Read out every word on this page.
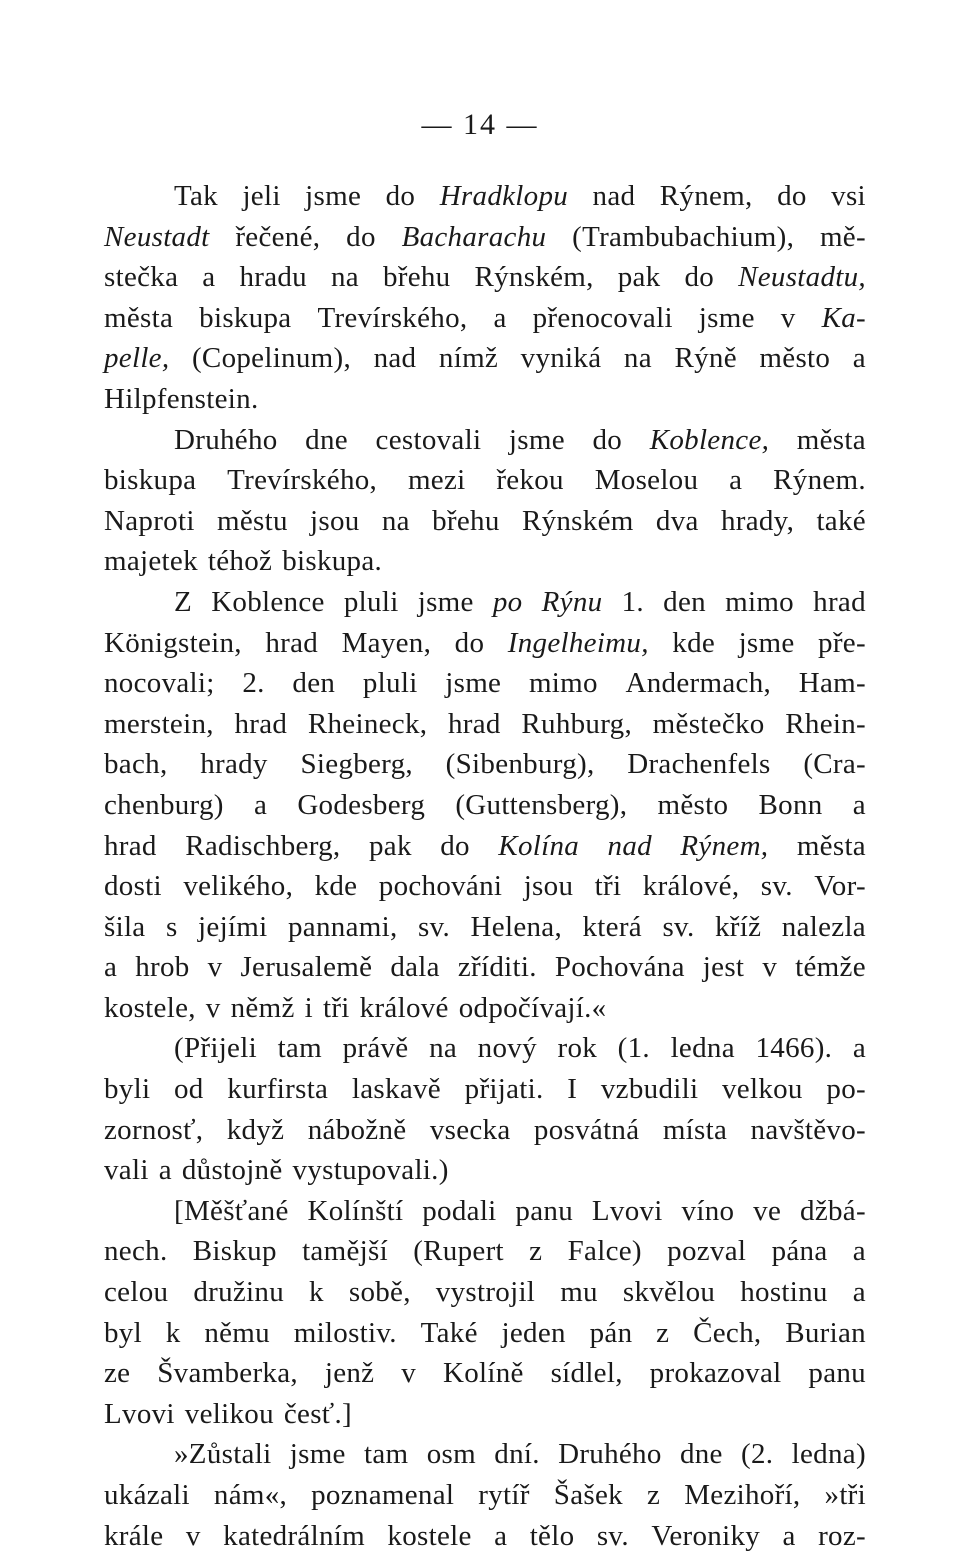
— 14 —
Tak jeli jsme do Hradklopu nad Rýnem, do vsi
Neustadt řečené, do Bacharachu (Trambubachium), mě-
stečka a hradu na břehu Rýnském, pak do Neustadtu,
města biskupa Trevírského, a přenocovali jsme v Ka-
pelle, (Copelinum), nad nímž vyniká na Rýně město a
Hilpfenstein.
Druhého dne cestovali jsme do Koblence, města
biskupa Trevírského, mezi řekou Moselou a Rýnem.
Naproti městu jsou na břehu Rýnském dva hrady, také
majetek téhož biskupa.
Z Koblence pluli jsme po Rýnu 1. den mimo hrad
Königstein, hrad Mayen, do Ingelheimu, kde jsme pře-
nocovali; 2. den pluli jsme mimo Andermach, Ham-
merstein, hrad Rheineck, hrad Ruhburg, městečko Rhein-
bach, hrady Siegberg, (Sibenburg), Drachenfels (Cra-
chenburg) a Godesberg (Guttensberg), město Bonn a
hrad Radischberg, pak do Kolína nad Rýnem, města
dosti velikého, kde pochováni jsou tři králové, sv. Vor-
šila s jejími pannami, sv. Helena, která sv. kříž nalezla
a hrob v Jerusalemě dala zříditi. Pochována jest v témže
kostele, v němž i tři králové odpočívají.«
(Přijeli tam právě na nový rok (1. ledna 1466). a
byli od kurfirsta laskavě přijati. I vzbudili velkou po-
zornosť, když nábožně vsecka posvátná místa navštěvo-
vali a důstojně vystupovali.)
[Měšťané Kolínští podali panu Lvovi víno ve džbá-
nech. Biskup tamější (Rupert z Falce) pozval pána a
celou družinu k sobě, vystrojil mu skvělou hostinu a
byl k němu milostiv. Také jeden pán z Čech, Burian
ze Švamberka, jenž v Kolíně sídlel, prokazoval panu
Lvovi velikou česť.]
»Zůstali jsme tam osm dní. Druhého dne (2. ledna)
ukázali nám«, poznamenal rytíř Šašek z Mezihoří, »tři
krále v katedrálním kostele a tělo sv. Veroniky a roz-
